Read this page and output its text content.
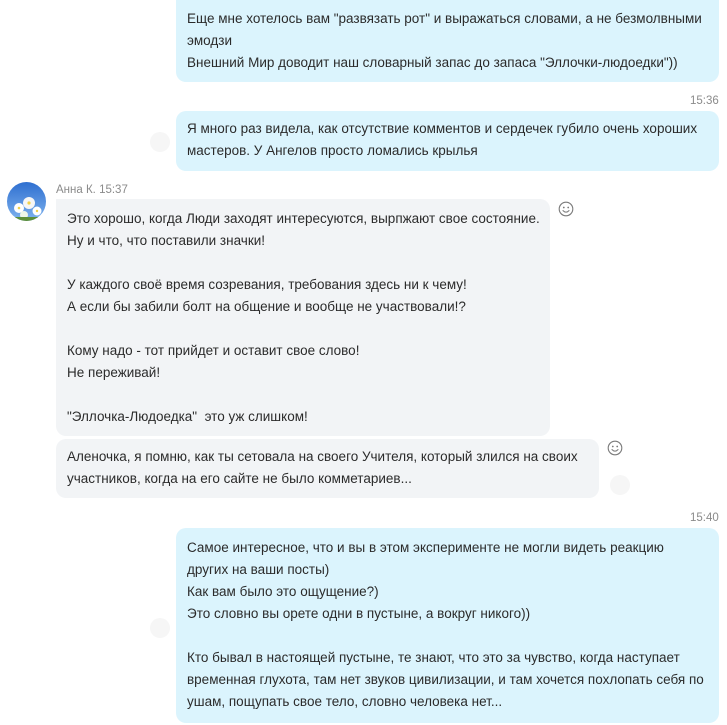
Еще мне хотелось вам "развязать рот" и выражаться словами, а не безмолвными

эмодзи

Внешний Мир доводит наш словарный запас до запаса "Эллочки-людоедки"))

15:36

Я много раз видела, как отсутствие комментов и сердечек губило очень хороших

мастеров. У Ангелов просто ломались крылья

Анна К. 15:37

Это хорошо, когда Люди заходят интересуются, вырпжают свое состояние.

Ну и что, что поставили значки!

У каждого своё время созревания, требования здесь ни к чему!

А если бы забили болт на общение и вообще не участвовали!?

Кому надо - тот прийдет и оставит свое слово!

Не переживай!

"Эллочка-Людоедка"  это уж слишком!

Аленочка, я помню, как ты сетовала на своего Учителя, который злился на своих

участников, когда на его сайте не было комметариев...

15:40

Самое интересное, что и вы в этом эксперименте не могли видеть реакцию

других на ваши посты)

Как вам было это ощущение?)

Это словно вы орете одни в пустыне, а вокруг никого))

Кто бывал в настоящей пустыне, те знают, что это за чувство, когда наступает

временная глухота, там нет звуков цивилизации, и там хочется похлопать себя по

ушам, пощупать свое тело, словно человека нет...
